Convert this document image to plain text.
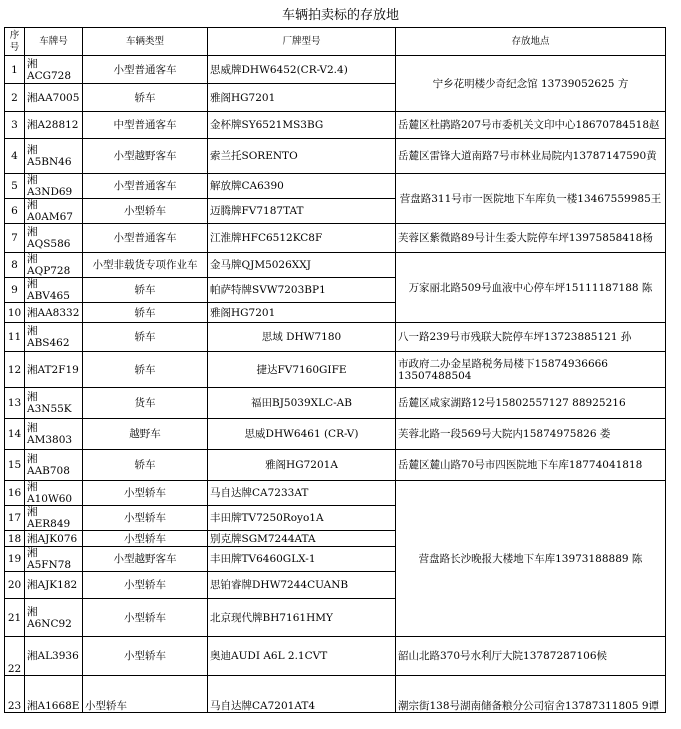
车辆拍卖标的存放地
序号	车牌号	车辆类型	厂牌型号	存放地点
1	湘ACG728	小型普通客车	思威牌DHW6452(CR-V2.4)	宁乡花明楼少奇纪念馆 13739052625 方
2	湘AA7005	轿车	雅阁HG7201	
3	湘A28812	中型普通客车	金杯牌SY6521MS3BG	岳麓区杜鹃路207号市委机关文印中心18670784518赵
4	湘A5BN46	小型越野客车	索兰托SORENTO	岳麓区雷锋大道南路7号市林业局院内13787147590黄
5	湘A3ND69	小型普通客车	解放牌CA6390	营盘路311号市一医院地下车库负一楼13467559985王
6	湘A0AM67	小型轿车	迈腾牌FV7187TAT	
7	湘AQS586	小型普通客车	江淮牌HFC6512KC8F	芙蓉区紫微路89号计生委大院停车坪13975858418杨
8	湘AQP728	小型非载货专项作业车	金马牌QJM5026XXJ	万家丽北路509号血液中心停车坪15111187188 陈
9	湘ABV465	轿车	帕萨特牌SVW7203BP1	
10	湘AA8332	轿车	雅阁HG7201	
11	湘ABS462	轿车	思域 DHW7180	八一路239号市残联大院停车坪13723885121 孙
12	湘AT2F19	轿车	捷达FV7160GIFE	市政府二办金星路税务局楼下15874936666 13507488504
13	湘A3N55K	货车	福田BJ5039XLC-AB	岳麓区咸家湖路12号15802557127 88925216
14	湘AM3803	越野车	思威DHW6461 (CR-V)	芙蓉北路一段569号大院内15874975826 娄
15	湘AAB708	轿车	雅阁HG7201A	岳麓区麓山路70号市四医院地下车库18774041818
16	湘A10W60	小型轿车	马自达牌CA7233AT	营盘路长沙晚报大楼地下车库13973188889 陈
17	湘AER849	小型轿车	丰田牌TV7250Royo1A	
18	湘AJK076	小型轿车	别克牌SGM7244ATA	
19	湘A5FN78	小型越野客车	丰田牌TV6460GLX-1	
20	湘AJK182	小型轿车	思铂睿牌DHW7244CUANB	
21	湘A6NC92	小型轿车	北京现代牌BH7161HMY	
22	湘AL3936	小型轿车	奥迪AUDI A6L 2.1CVT	韶山北路370号水利厅大院13787287106候
23	湘A1668E	小型轿车	马自达牌CA7201AT4	潮宗街138号湖南储备粮分公司宿舍13787311805 9谭
